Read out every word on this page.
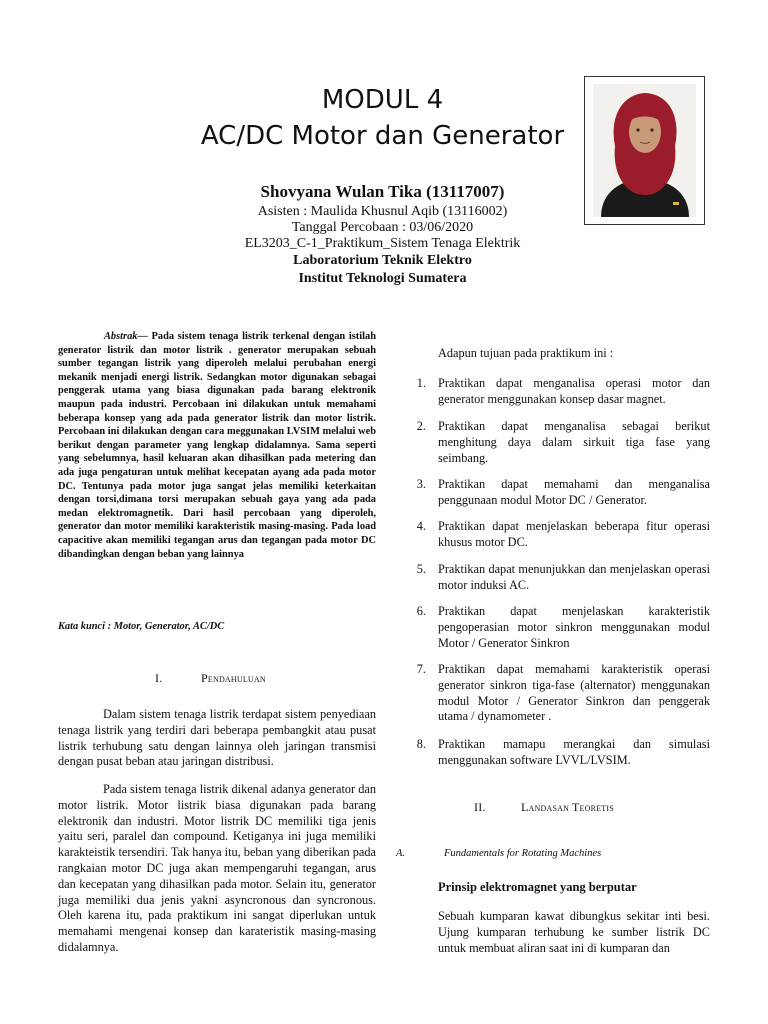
MODUL 4
AC/DC Motor dan Generator
Shovyana Wulan Tika (13117007)
Asisten : Maulida Khusnul Aqib (13116002)
Tanggal Percobaan : 03/06/2020
EL3203_C-1_Praktikum_Sistem Tenaga Elektrik
Laboratorium Teknik Elektro
Institut Teknologi Sumatera
Abstrak— Pada sistem tenaga listrik terkenal dengan istilah generator listrik dan motor listrik . generator merupakan sebuah sumber tegangan listrik yang diperoleh melalui perubahan energi mekanik menjadi energi listrik. Sedangkan motor digunakan sebagai penggerak utama yang biasa digunakan pada barang elektronik maupun pada industri. Percobaan ini dilakukan untuk memahami beberapa konsep yang ada pada generator listrik dan motor listrik. Percobaan ini dilakukan dengan cara meggunakan LVSIM melalui web berikut dengan parameter yang lengkap didalamnya. Sama seperti yang sebelumnya, hasil keluaran akan dihasilkan pada metering dan ada juga pengaturan untuk melihat kecepatan ayang ada pada motor DC. Tentunya pada motor juga sangat jelas memiliki keterkaitan dengan torsi,dimana torsi merupakan sebuah gaya yang ada pada medan elektromagnetik. Dari hasil percobaan yang diperoleh, generator dan motor memiliki karakteristik masing-masing. Pada load capacitive akan memiliki tegangan arus dan tegangan pada motor DC dibandingkan dengan beban yang lainnya
Kata kunci : Motor, Generator, AC/DC
I.	Pendahuluan
Dalam sistem tenaga listrik terdapat sistem penyediaan tenaga listrik yang terdiri dari beberapa pembangkit atau pusat listrik terhubung satu dengan lainnya oleh jaringan transmisi dengan pusat beban atau jaringan distribusi.
Pada sistem tenaga listrik dikenal adanya generator dan motor listrik. Motor listrik biasa digunakan pada barang elektronik dan industri. Motor listrik DC memiliki tiga jenis yaitu seri, paralel dan compound. Ketiganya ini juga memiliki karakteistik tersendiri. Tak hanya itu, beban yang diberikan pada rangkaian motor DC juga akan mempengaruhi tegangan, arus dan kecepatan yang dihasilkan pada motor. Selain itu, generator juga memiliki dua jenis yakni asyncronous dan syncronous. Oleh karena itu, pada praktikum ini sangat diperlukan untuk memahami mengenai konsep dan karateristik masing-masing didalamnya.
Adapun tujuan pada praktikum ini :
1. Praktikan dapat menganalisa operasi motor dan generator menggunakan konsep dasar magnet.
2. Praktikan dapat menganalisa sebagai berikut menghitung daya dalam sirkuit tiga fase yang seimbang.
3. Praktikan dapat memahami dan menganalisa penggunaan modul Motor DC / Generator.
4. Praktikan dapat menjelaskan beberapa fitur operasi khusus motor DC.
5. Praktikan dapat menunjukkan dan menjelaskan operasi motor induksi AC.
6. Praktikan dapat menjelaskan karakteristik pengoperasian motor sinkron menggunakan modul Motor / Generator Sinkron
7. Praktikan dapat memahami karakteristik operasi generator sinkron tiga-fase (alternator) menggunakan modul Motor / Generator Sinkron dan penggerak utama / dynamometer .
8. Praktikan mamapu merangkai dan simulasi menggunakan software LVVL/LVSIM.
II.	Landasan Teoretis
A.	Fundamentals for Rotating Machines
Prinsip elektromagnet yang berputar
Sebuah kumparan kawat dibungkus sekitar inti besi. Ujung kumparan terhubung ke sumber listrik DC untuk membuat aliran saat ini di kumparan dan
